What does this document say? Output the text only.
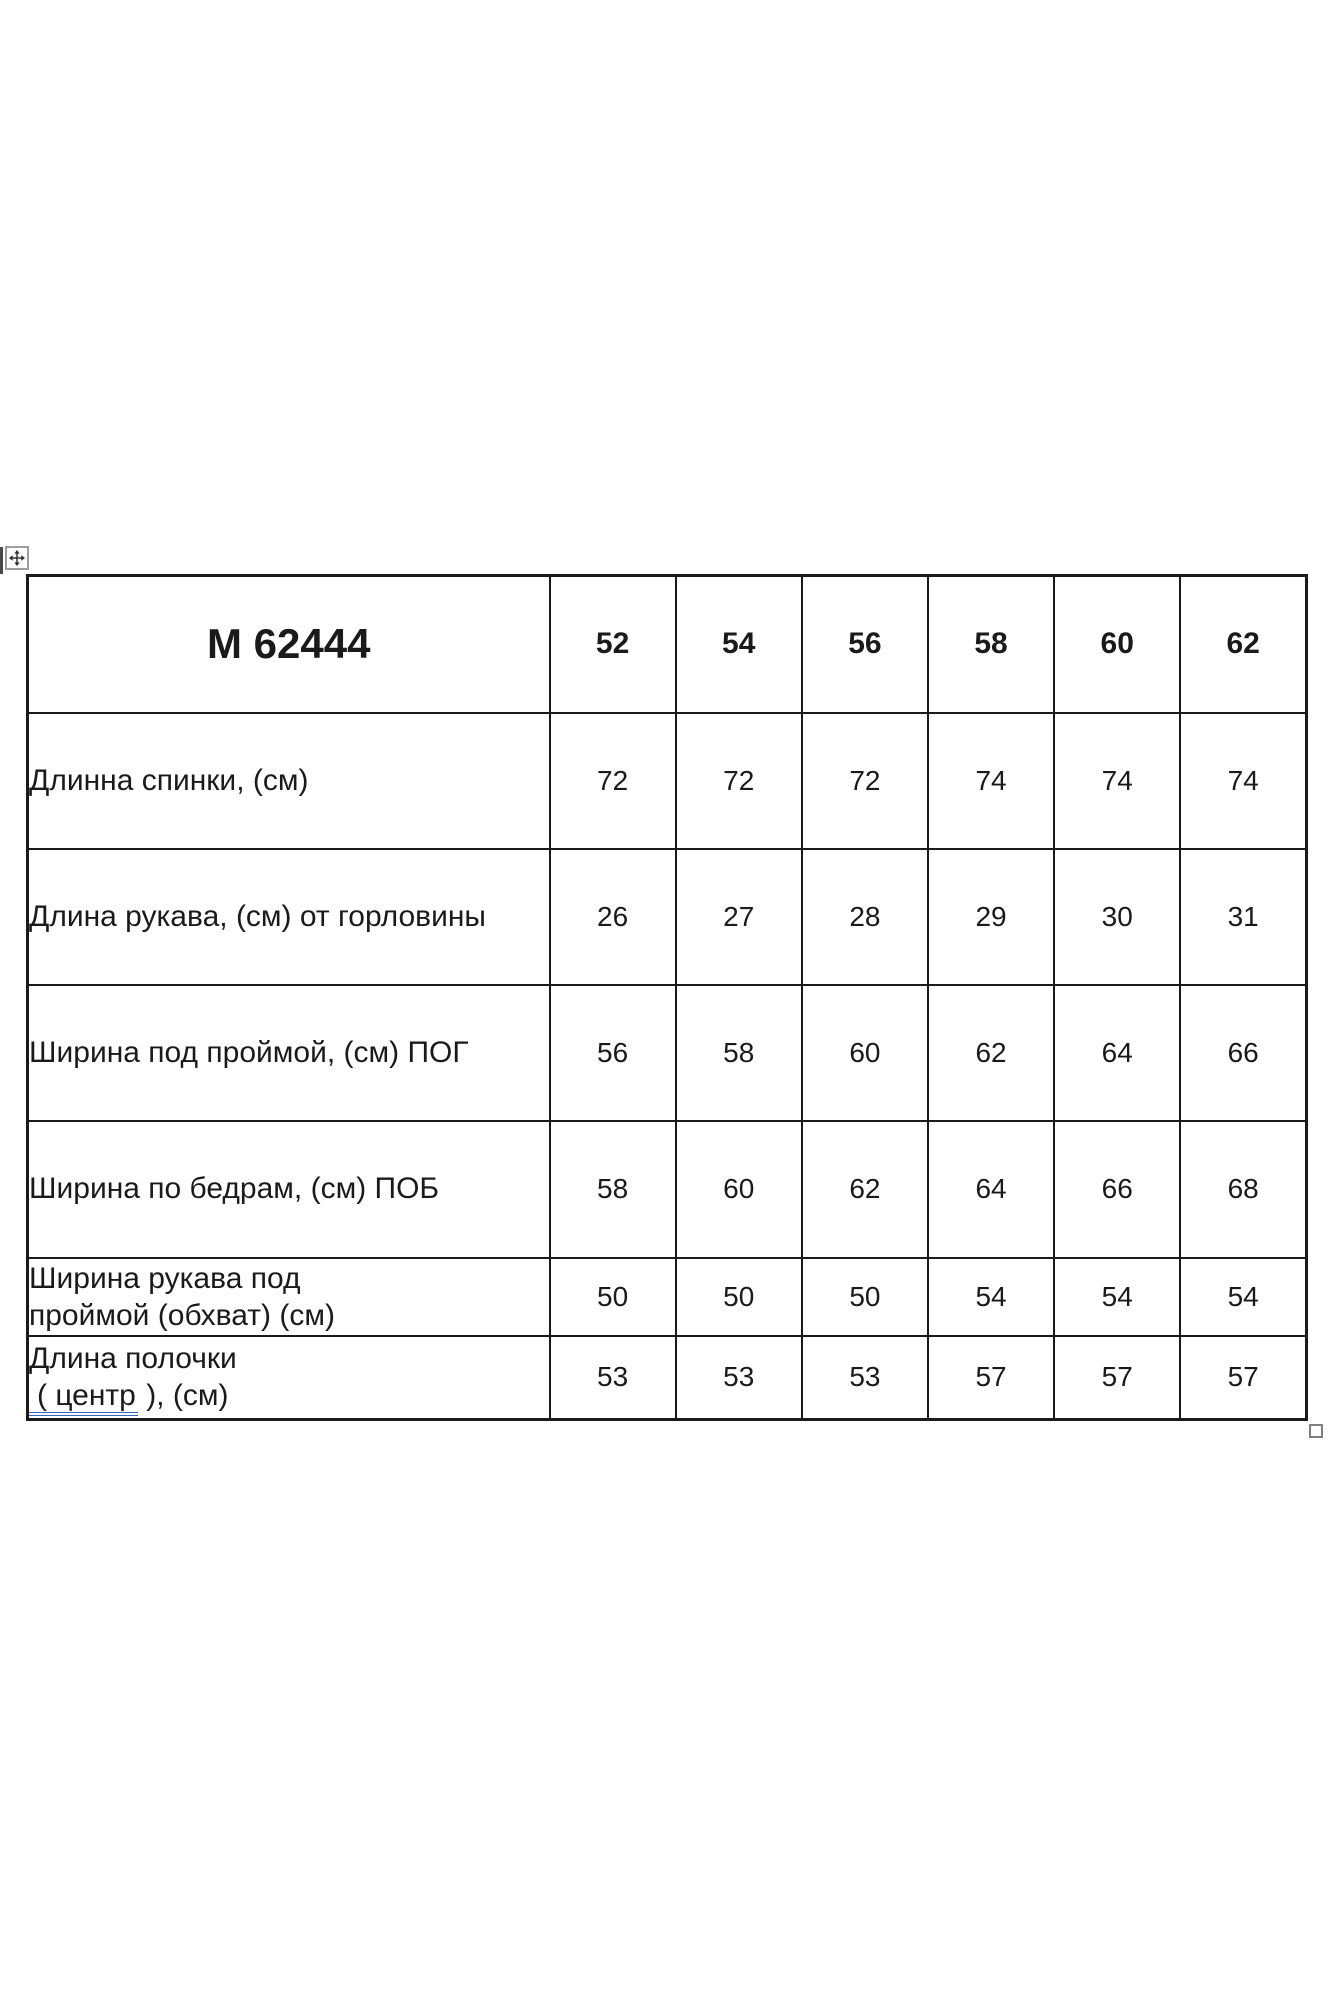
М 62444	52	54	56	58	60	62
Длинна спинки, (см)	72	72	72	74	74	74
Длина рукава, (см) от горловины	26	27	28	29	30	31
Ширина под проймой, (см) ПОГ	56	58	60	62	64	66
Ширина по бедрам, (см) ПОБ	58	60	62	64	66	68

Ширина рукава под
проймой (обхват) (см)	50	50	50	54	54	54

Длина полочки
( центр ), (см)	53	53	53	57	57	57
